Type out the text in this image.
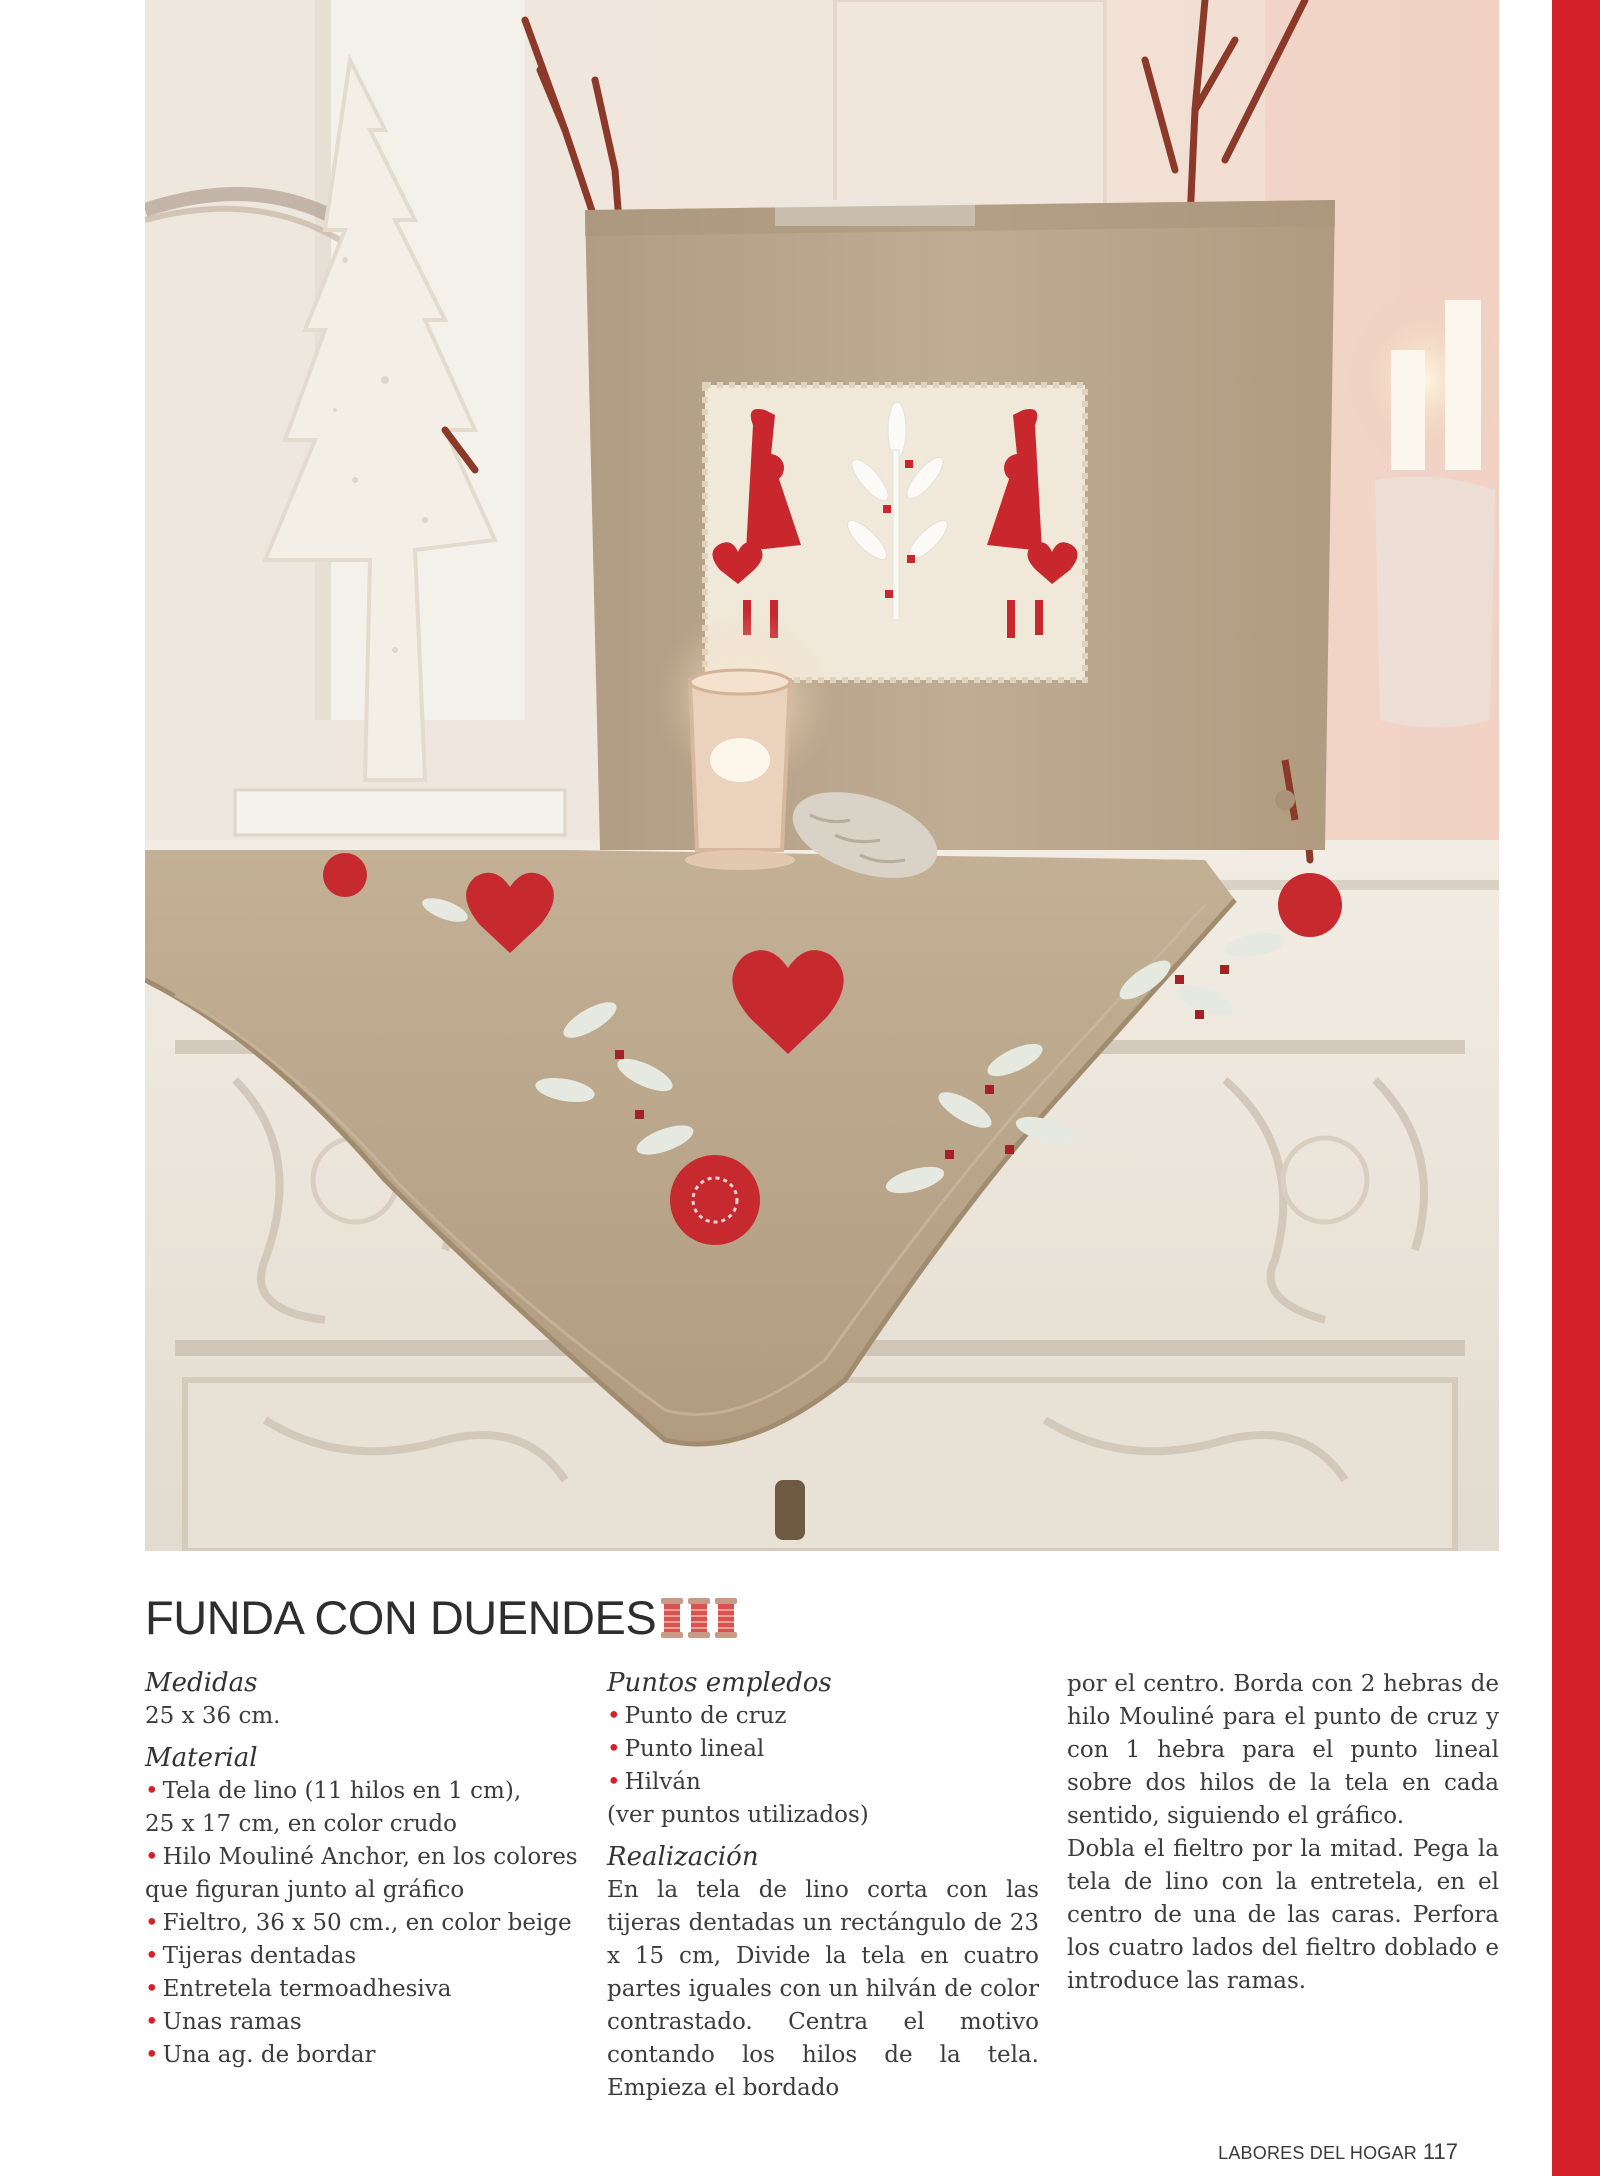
FUNDA CON DUENDES
Medidas
25 x 36 cm.
Material
• Tela de lino (11 hilos en 1 cm),
25 x 17 cm, en color crudo
• Hilo Mouliné Anchor, en los colores
que figuran junto al gráfico
• Fieltro, 36 x 50 cm., en color beige
• Tijeras dentadas
• Entretela termoadhesiva
• Unas ramas
• Una ag. de bordar
Puntos empledos
• Punto de cruz
• Punto lineal
• Hilván
(ver puntos utilizados)
Realización
En la tela de lino corta con las tijeras dentadas un rectángulo de 23 x 15 cm, Divide la tela en cuatro partes iguales con un hilván de color contrastado. Centra el motivo contando los hilos de la tela. Empieza el bordado
por el centro. Borda con 2 hebras de hilo Mouliné para el punto de cruz y con 1 hebra para el punto lineal sobre dos hilos de la tela en cada sentido, siguiendo el gráfico.
Dobla el fieltro por la mitad. Pega la tela de lino con la entretela, en el centro de una de las caras. Perfora los cuatro lados del fieltro doblado e introduce las ramas.
LABORES DEL HOGAR 117
